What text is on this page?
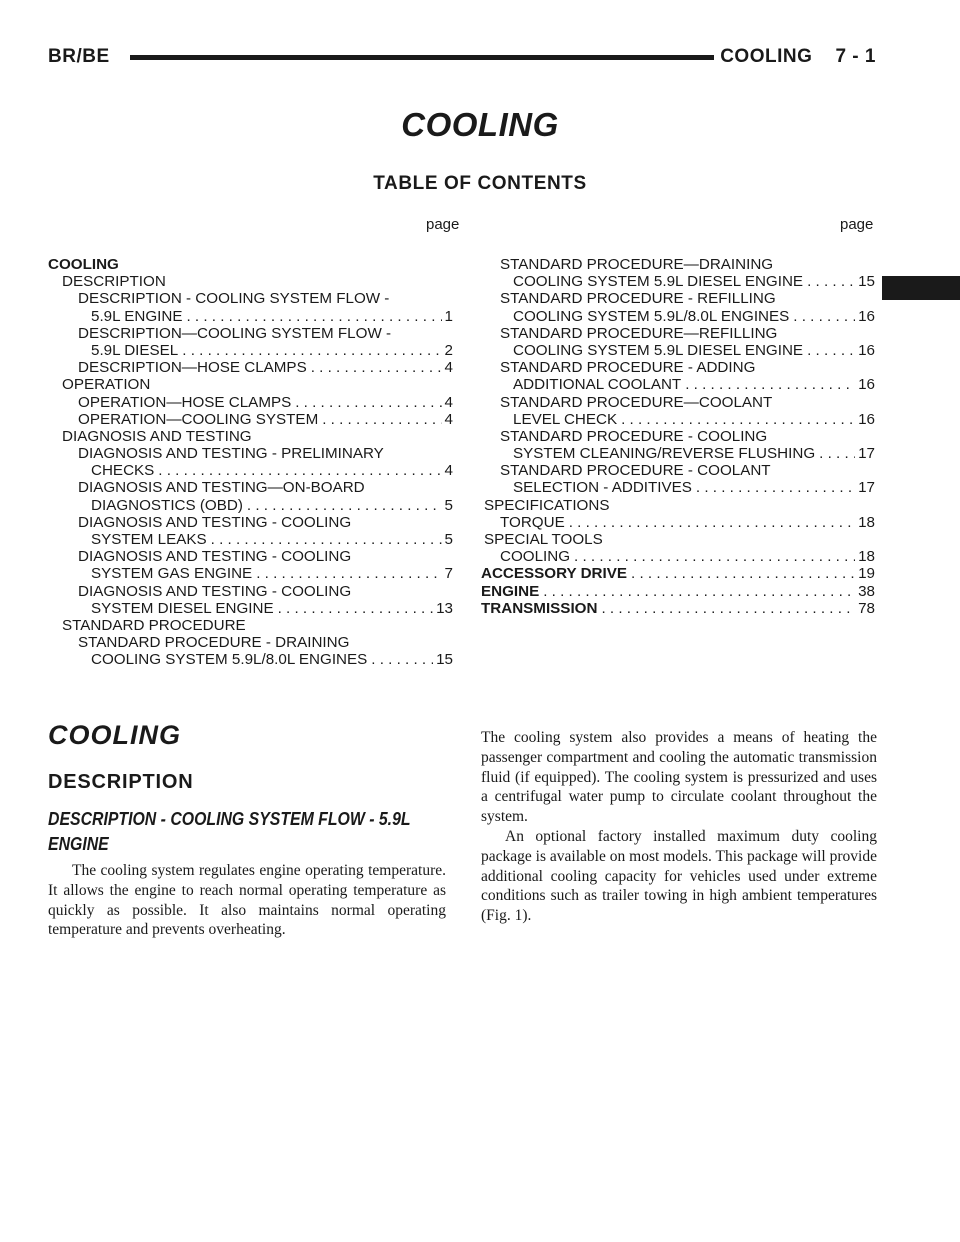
BR/BE	COOLING    7 - 1
COOLING
TABLE OF CONTENTS
page	page
COOLING
DESCRIPTION
DESCRIPTION - COOLING SYSTEM FLOW -
5.9L ENGINE . . .	1
DESCRIPTION—COOLING SYSTEM FLOW -
5.9L DIESEL . . .	2
DESCRIPTION—HOSE CLAMPS . . .	4
OPERATION
OPERATION—HOSE CLAMPS . . .	4
OPERATION—COOLING SYSTEM . . .	4
DIAGNOSIS AND TESTING
DIAGNOSIS AND TESTING - PRELIMINARY
CHECKS . . .	4
DIAGNOSIS AND TESTING—ON-BOARD
DIAGNOSTICS (OBD) . . .	5
DIAGNOSIS AND TESTING - COOLING
SYSTEM LEAKS . . .	5
DIAGNOSIS AND TESTING - COOLING
SYSTEM GAS ENGINE . . .	7
DIAGNOSIS AND TESTING - COOLING
SYSTEM DIESEL ENGINE . . .	13
STANDARD PROCEDURE
STANDARD PROCEDURE - DRAINING
COOLING SYSTEM 5.9L/8.0L ENGINES . . .	15
STANDARD PROCEDURE—DRAINING
COOLING SYSTEM 5.9L DIESEL ENGINE . . .	15
STANDARD PROCEDURE - REFILLING
COOLING SYSTEM 5.9L/8.0L ENGINES . . .	16
STANDARD PROCEDURE—REFILLING
COOLING SYSTEM 5.9L DIESEL ENGINE . . .	16
STANDARD PROCEDURE - ADDING
ADDITIONAL COOLANT . . .	16
STANDARD PROCEDURE—COOLANT
LEVEL CHECK . . .	16
STANDARD PROCEDURE - COOLING
SYSTEM CLEANING/REVERSE FLUSHING . . .	17
STANDARD PROCEDURE - COOLANT
SELECTION - ADDITIVES . . .	17
SPECIFICATIONS
TORQUE . . .	18
SPECIAL TOOLS
COOLING . . .	18
ACCESSORY DRIVE . . .	19
ENGINE . . .	38
TRANSMISSION . . .	78
COOLING
DESCRIPTION
DESCRIPTION - COOLING SYSTEM FLOW - 5.9L ENGINE

The cooling system regulates engine operating temperature. It allows the engine to reach normal operating temperature as quickly as possible. It also maintains normal operating temperature and prevents overheating.

The cooling system also provides a means of heating the passenger compartment and cooling the automatic transmission fluid (if equipped). The cooling system is pressurized and uses a centrifugal water pump to circulate coolant throughout the system.

An optional factory installed maximum duty cooling package is available on most models. This package will provide additional cooling capacity for vehicles used under extreme conditions such as trailer towing in high ambient temperatures (Fig. 1).
